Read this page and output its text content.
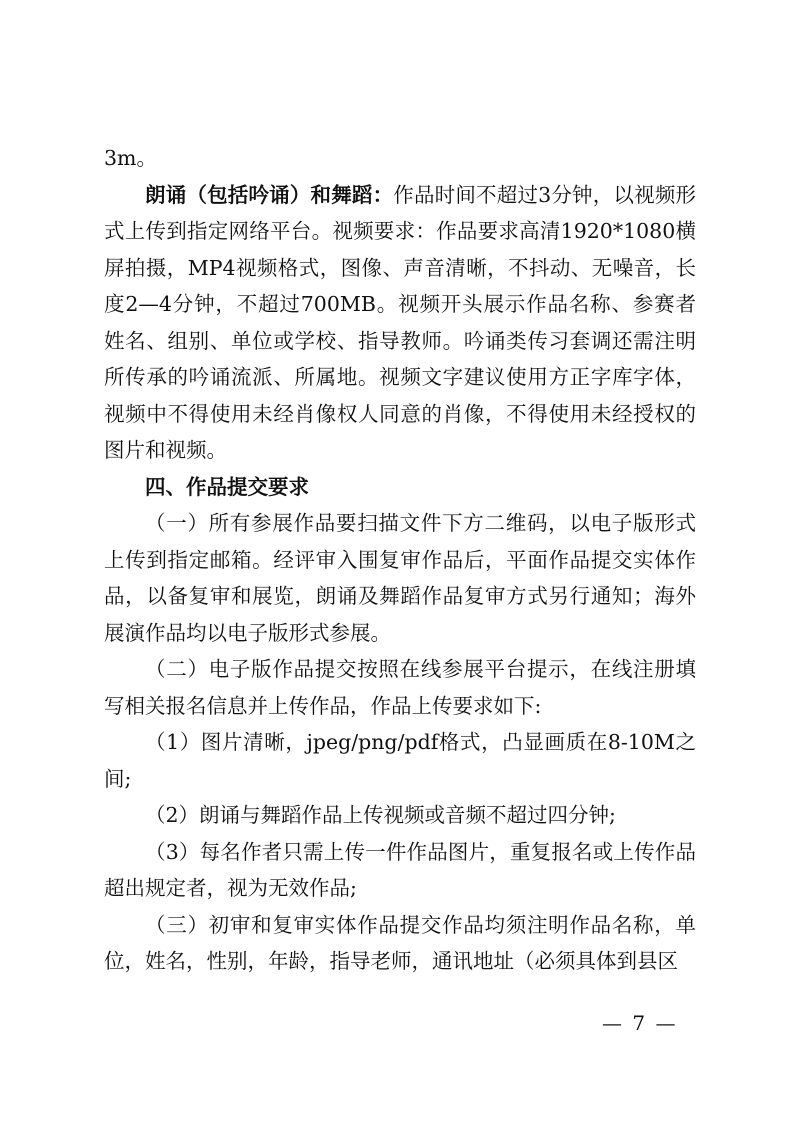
3m。

朗诵（包括吟诵）和舞蹈：作品时间不超过3分钟，以视频形式上传到指定网络平台。视频要求：作品要求高清1920*1080横屏拍摄，MP4视频格式，图像、声音清晰，不抖动、无噪音，长度2—4分钟，不超过700MB。视频开头展示作品名称、参赛者姓名、组别、单位或学校、指导教师。吟诵类传习套调还需注明所传承的吟诵流派、所属地。视频文字建议使用方正字库字体，视频中不得使用未经肖像权人同意的肖像，不得使用未经授权的图片和视频。

四、作品提交要求

（一）所有参展作品要扫描文件下方二维码，以电子版形式上传到指定邮箱。经评审入围复审作品后，平面作品提交实体作品，以备复审和展览，朗诵及舞蹈作品复审方式另行通知；海外展演作品均以电子版形式参展。

（二）电子版作品提交按照在线参展平台提示，在线注册填写相关报名信息并上传作品，作品上传要求如下:

（1）图片清晰，jpeg/png/pdf格式，凸显画质在8-10M之间;

（2）朗诵与舞蹈作品上传视频或音频不超过四分钟;

（3）每名作者只需上传一件作品图片，重复报名或上传作品超出规定者，视为无效作品;

（三）初审和复审实体作品提交作品均须注明作品名称，单位，姓名，性别，年龄，指导老师，通讯地址（必须具体到县区

— 7 —
